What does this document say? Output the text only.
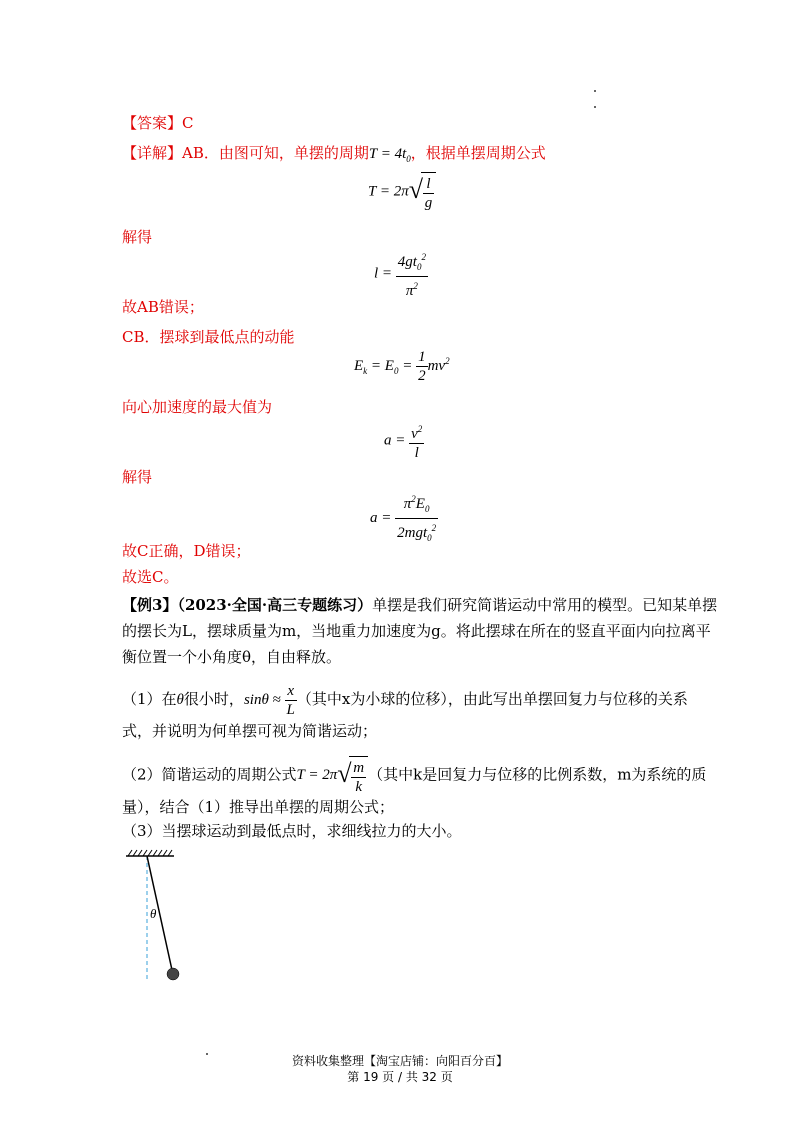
【答案】C
【详解】AB．由图可知，单摆的周期$T = 4t_0$，根据单摆周期公式
T = 2π √ $\frac{l}{g}$
解得
$l = \frac{4gt_0^2}{\pi^2}$
故AB错误；
CB．摆球到最低点的动能
$E_k = E_0 = \frac{1}{2} mv^2$
向心加速度的最大值为
$a = \frac{v^2}{l}$
解得
$a = \frac{\pi^2E_0}{2mgt_0^2}$
故C正确，D错误；
故选C。
【例3】（2023·全国·高三专题练习）单摆是我们研究简谐运动中常用的模型。已知某单摆
的摆长为L，摆球质量为m，当地重力加速度为g。将此摆球在所在的竖直平面内向拉离平
衡位置一个小角度θ，自由释放。
（1）在θ很小时，$\sin\theta \approx \frac{x}{L}$ （其中x为小球的位移），由此写出单摆回复力与位移的关系
式，并说明为何单摆可视为简谐运动；
（2）简谐运动的周期公式T = 2π √ $\frac{m}{k}$ （其中k是回复力与位移的比例系数，m为系统的质
量），结合（1）推导出单摆的周期公式；
（3）当摆球运动到最低点时，求细线拉力的大小。
θ
资料收集整理【淘宝店铺：向阳百分百】
第 19 页 / 共 32 页
